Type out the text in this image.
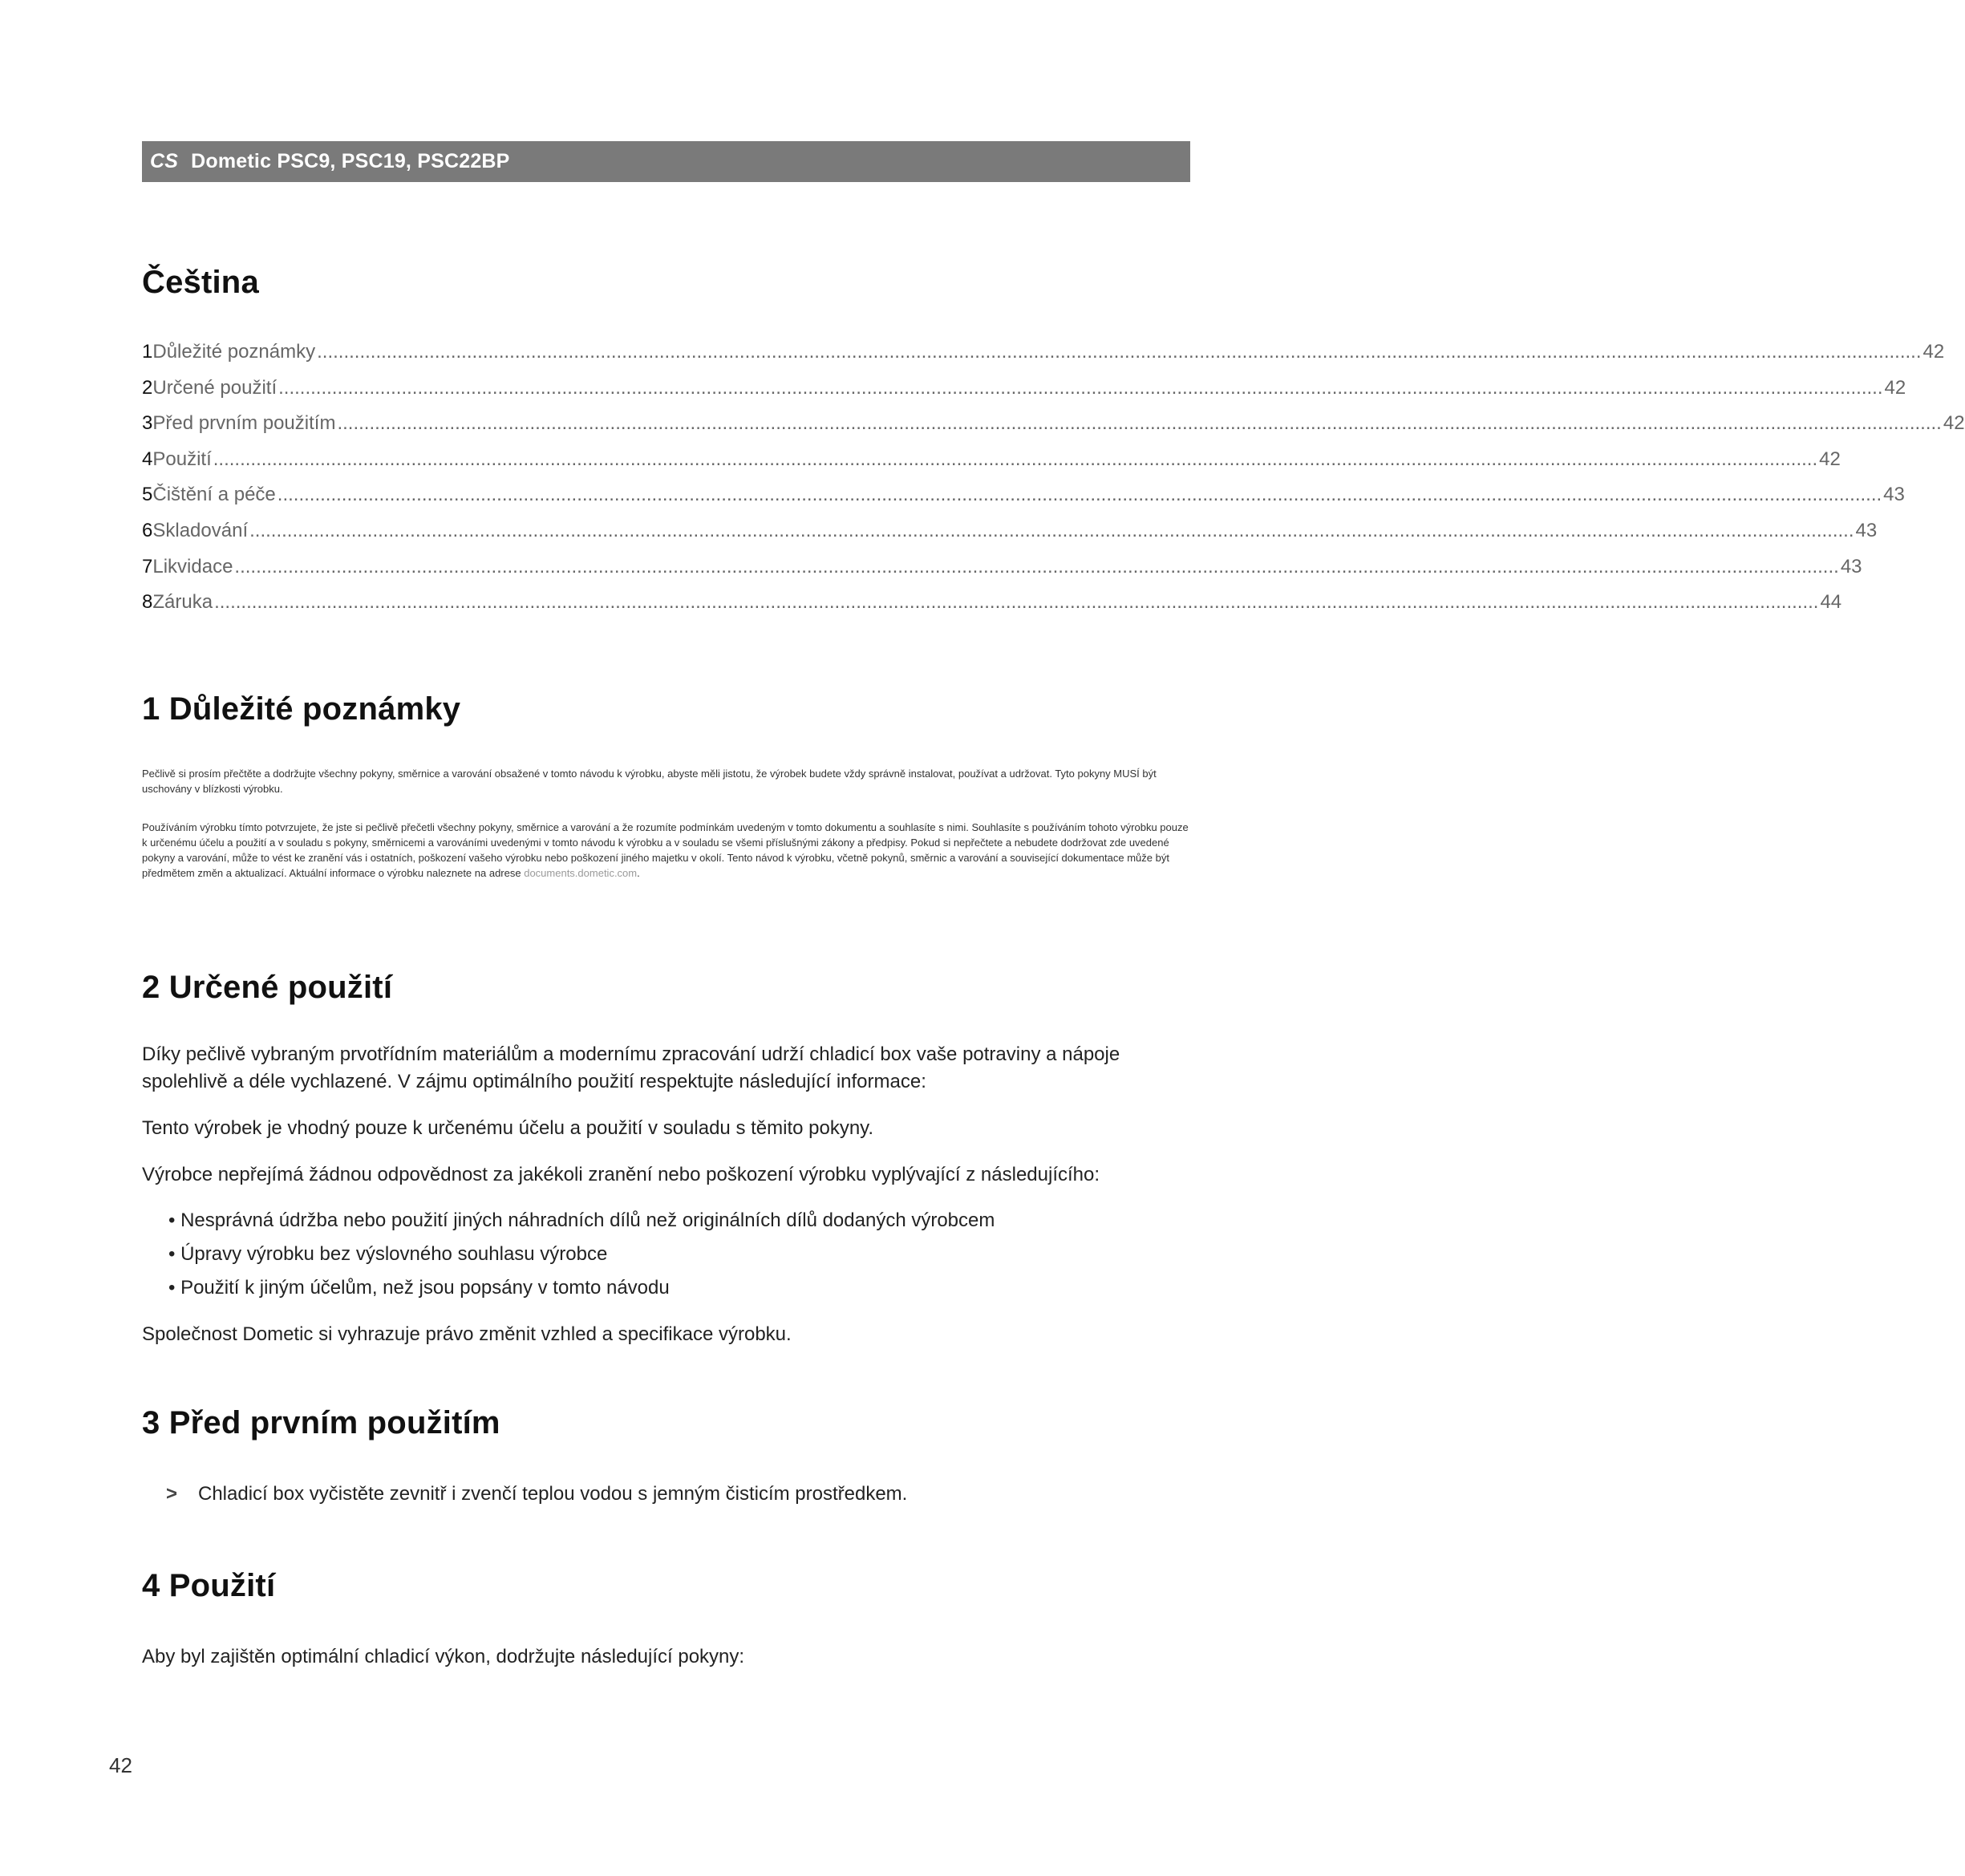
CS Dometic PSC9, PSC19, PSC22BP
Čeština
1 Důležité poznámky ............................................................................................................................................................................................................................................................................................................ 42
2 Určené použití ............................................................................................................................................................................................................................................................................................................ 42
3 Před prvním použitím ............................................................................................................................................................................................................................................................................................................ 42
4 Použití ............................................................................................................................................................................................................................................................................................................ 42
5 Čištění a péče ............................................................................................................................................................................................................................................................................................................ 43
6 Skladování ............................................................................................................................................................................................................................................................................................................ 43
7 Likvidace ............................................................................................................................................................................................................................................................................................................ 43
8 Záruka ............................................................................................................................................................................................................................................................................................................ 44
1 Důležité poznámky

Pečlivě si prosím přečtěte a dodržujte všechny pokyny, směrnice a varování obsažené v tomto návodu k výrobku, abyste měli jistotu, že výrobek budete vždy správně instalovat, používat a udržovat. Tyto pokyny MUSÍ být uschovány v blízkosti výrobku.

Používáním výrobku tímto potvrzujete, že jste si pečlivě přečetli všechny pokyny, směrnice a varování a že rozumíte podmínkám uvedeným v tomto dokumentu a souhlasíte s nimi. Souhlasíte s používáním tohoto výrobku pouze k určenému účelu a použití a v souladu s pokyny, směrnicemi a varováními uvedenými v tomto návodu k výrobku a v souladu se všemi příslušnými zákony a předpisy. Pokud si nepřečtete a nebudete dodržovat zde uvedené pokyny a varování, může to vést ke zranění vás i ostatních, poškození vašeho výrobku nebo poškození jiného majetku v okolí. Tento návod k výrobku, včetně pokynů, směrnic a varování a související dokumentace může být předmětem změn a aktualizací. Aktuální informace o výrobku naleznete na adrese documents.dometic.com.

2 Určené použití

Díky pečlivě vybraným prvotřídním materiálům a modernímu zpracování udrží chladicí box vaše potraviny a nápoje spolehlivě a déle vychlazené. V zájmu optimálního použití respektujte následující informace:

Tento výrobek je vhodný pouze k určenému účelu a použití v souladu s těmito pokyny.

Výrobce nepřejímá žádnou odpovědnost za jakékoli zranění nebo poškození výrobku vyplývající z následujícího:

• Nesprávná údržba nebo použití jiných náhradních dílů než originálních dílů dodaných výrobcem

• Úpravy výrobku bez výslovného souhlasu výrobce

• Použití k jiným účelům, než jsou popsány v tomto návodu

Společnost Dometic si vyhrazuje právo změnit vzhled a specifikace výrobku.

3 Před prvním použitím

> Chladicí box vyčistěte zevnitř i zvenčí teplou vodou s jemným čisticím prostředkem.

4 Použití

Aby byl zajištěn optimální chladicí výkon, dodržujte následující pokyny:

42
